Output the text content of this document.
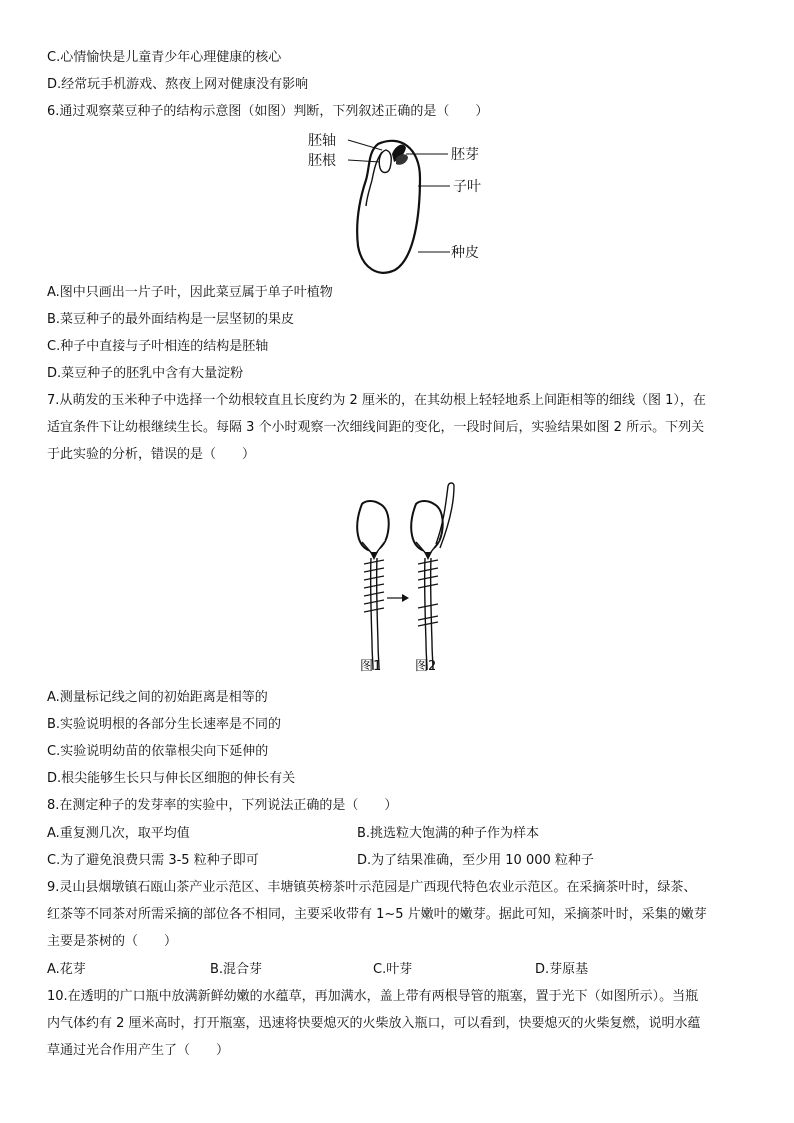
C.心情愉快是儿童青少年心理健康的核心
D.经常玩手机游戏、熬夜上网对健康没有影响
6.通过观察菜豆种子的结构示意图（如图）判断，下列叙述正确的是（　　）
胚轴
胚根	胚芽
子叶
种皮
A.图中只画出一片子叶，因此菜豆属于单子叶植物
B.菜豆种子的最外面结构是一层坚韧的果皮
C.种子中直接与子叶相连的结构是胚轴
D.菜豆种子的胚乳中含有大量淀粉
7.从萌发的玉米种子中选择一个幼根较直且长度约为 2 厘米的，在其幼根上轻轻地系上间距相等的细线（图 1），在
适宜条件下让幼根继续生长。每隔 3 个小时观察一次细线间距的变化，一段时间后，实验结果如图 2 所示。下列关
于此实验的分析，错误的是（　　）
图1	图2
A.测量标记线之间的初始距离是相等的
B.实验说明根的各部分生长速率是不同的
C.实验说明幼苗的依靠根尖向下延伸的
D.根尖能够生长只与伸长区细胞的伸长有关
8.在测定种子的发芽率的实验中，下列说法正确的是（　　）
A.重复测几次，取平均值	B.挑选粒大饱满的种子作为样本
C.为了避免浪费只需 3-5 粒种子即可	D.为了结果准确，至少用 10 000 粒种子
9.灵山县烟墩镇石瓯山茶产业示范区、丰塘镇英榜茶叶示范园是广西现代特色农业示范区。在采摘茶叶时，绿茶、
红茶等不同茶对所需采摘的部位各不相同，主要采收带有 1~5 片嫩叶的嫩芽。据此可知，采摘茶叶时，采集的嫩芽
主要是茶树的（　　）
A.花芽	B.混合芽	C.叶芽	D.芽原基
10.在透明的广口瓶中放满新鲜幼嫩的水蕴草，再加满水，盖上带有两根导管的瓶塞，置于光下（如图所示）。当瓶
内气体约有 2 厘米高时，打开瓶塞，迅速将快要熄灭的火柴放入瓶口，可以看到，快要熄灭的火柴复燃，说明水蕴
草通过光合作用产生了（　　）
